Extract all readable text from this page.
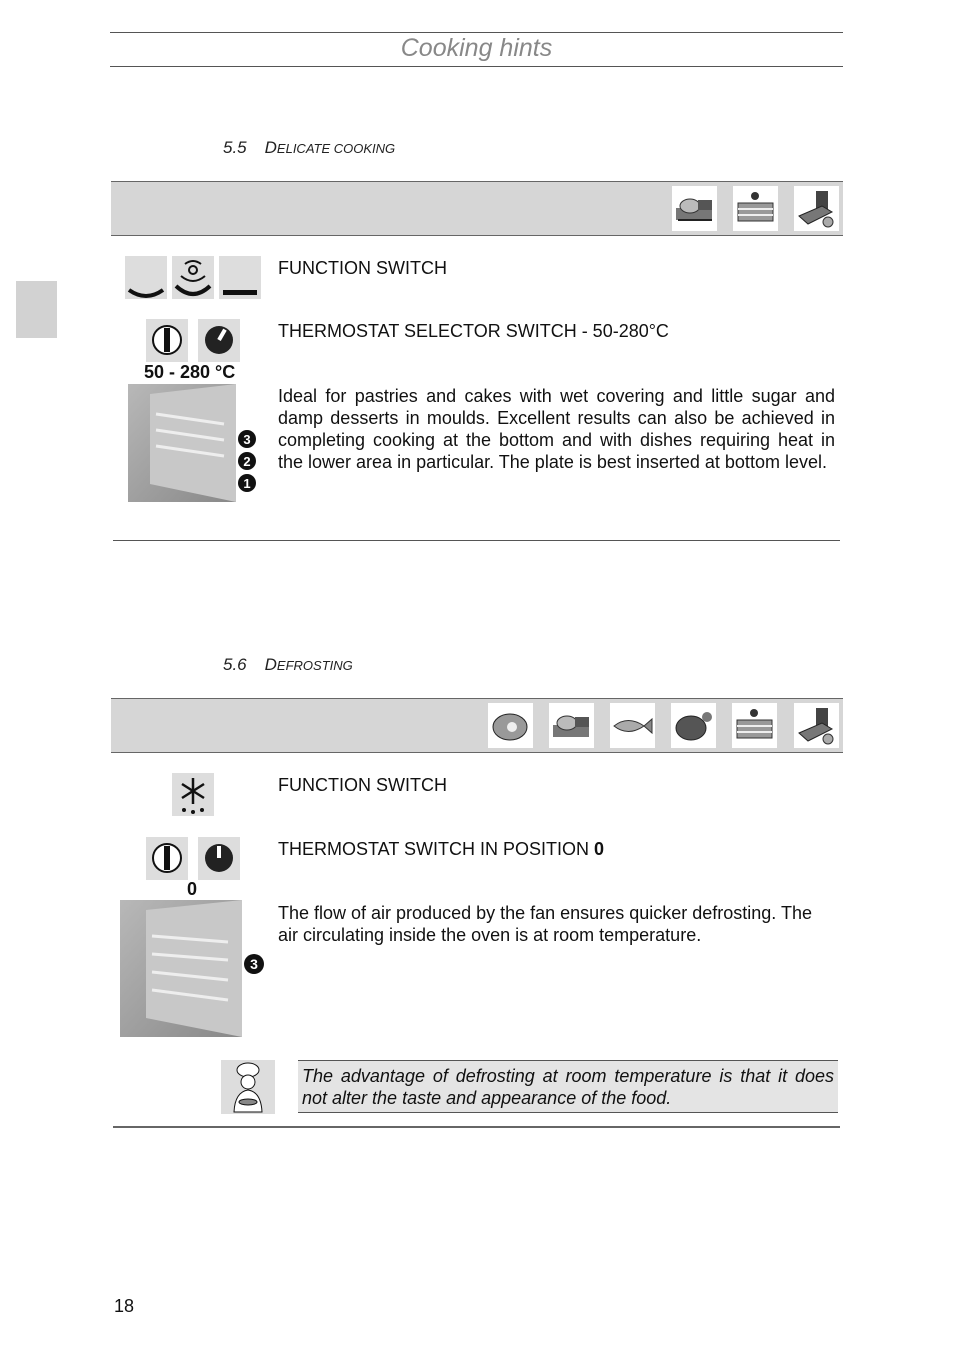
Cooking hints
5.5 DELICATE COOKING
FUNCTION SWITCH
THERMOSTAT SELECTOR SWITCH - 50-280°C
50 - 280 °C
3
2
1
Ideal for pastries and cakes with wet covering and little sugar and damp desserts in moulds. Excellent results can also be achieved in completing cooking at the bottom and with dishes requiring heat in the lower area in particular. The plate is best inserted at bottom level.
5.6 DEFROSTING
FUNCTION SWITCH
THERMOSTAT SWITCH IN POSITION 0
0
3
The flow of air produced by the fan ensures quicker defrosting. The air circulating inside the oven is at room temperature.
The advantage of defrosting at room temperature is that it does not alter the taste and appearance of the food.
18
